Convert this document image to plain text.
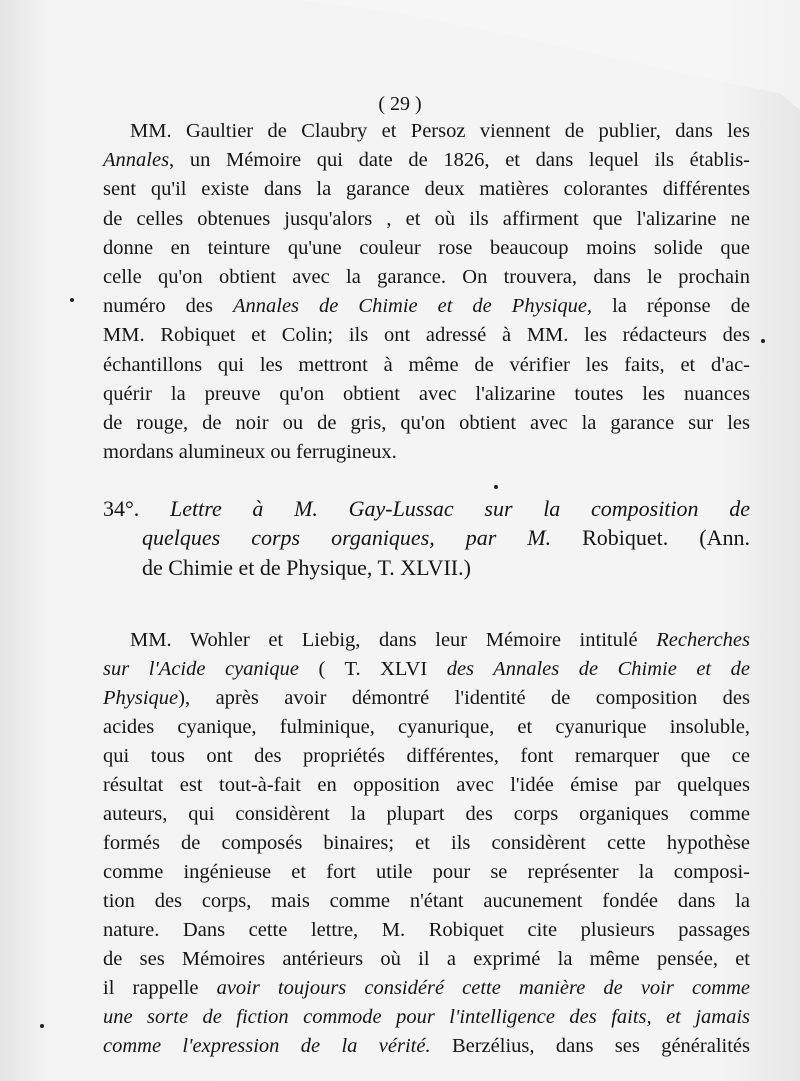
( 29 )
MM. Gaultier de Claubry et Persoz viennent de publier, dans les
Annales, un Mémoire qui date de 1826, et dans lequel ils établis-
sent qu'il existe dans la garance deux matières colorantes différentes
de celles obtenues jusqu'alors , et où ils affirment que l'alizarine ne
donne en teinture qu'une couleur rose beaucoup moins solide que
celle qu'on obtient avec la garance. On trouvera, dans le prochain
numéro des Annales de Chimie et de Physique, la réponse de
MM. Robiquet et Colin; ils ont adressé à MM. les rédacteurs des
échantillons qui les mettront à même de vérifier les faits, et d'ac-
quérir la preuve qu'on obtient avec l'alizarine toutes les nuances
de rouge, de noir ou de gris, qu'on obtient avec la garance sur les
mordans alumineux ou ferrugineux.
34°. Lettre à M. Gay-Lussac sur la composition de
quelques corps organiques, par M. Robiquet. (Ann.
de Chimie et de Physique, T. XLVII.)
MM. Wohler et Liebig, dans leur Mémoire intitulé Recherches
sur l'Acide cyanique ( T. XLVI des Annales de Chimie et de
Physique), après avoir démontré l'identité de composition des
acides cyanique, fulminique, cyanurique, et cyanurique insoluble,
qui tous ont des propriétés différentes, font remarquer que ce
résultat est tout-à-fait en opposition avec l'idée émise par quelques
auteurs, qui considèrent la plupart des corps organiques comme
formés de composés binaires; et ils considèrent cette hypothèse
comme ingénieuse et fort utile pour se représenter la composi-
tion des corps, mais comme n'étant aucunement fondée dans la
nature. Dans cette lettre, M. Robiquet cite plusieurs passages
de ses Mémoires antérieurs où il a exprimé la même pensée, et
il rappelle avoir toujours considéré cette manière de voir comme
une sorte de fiction commode pour l'intelligence des faits, et jamais
comme l'expression de la vérité. Berzélius, dans ses généralités
